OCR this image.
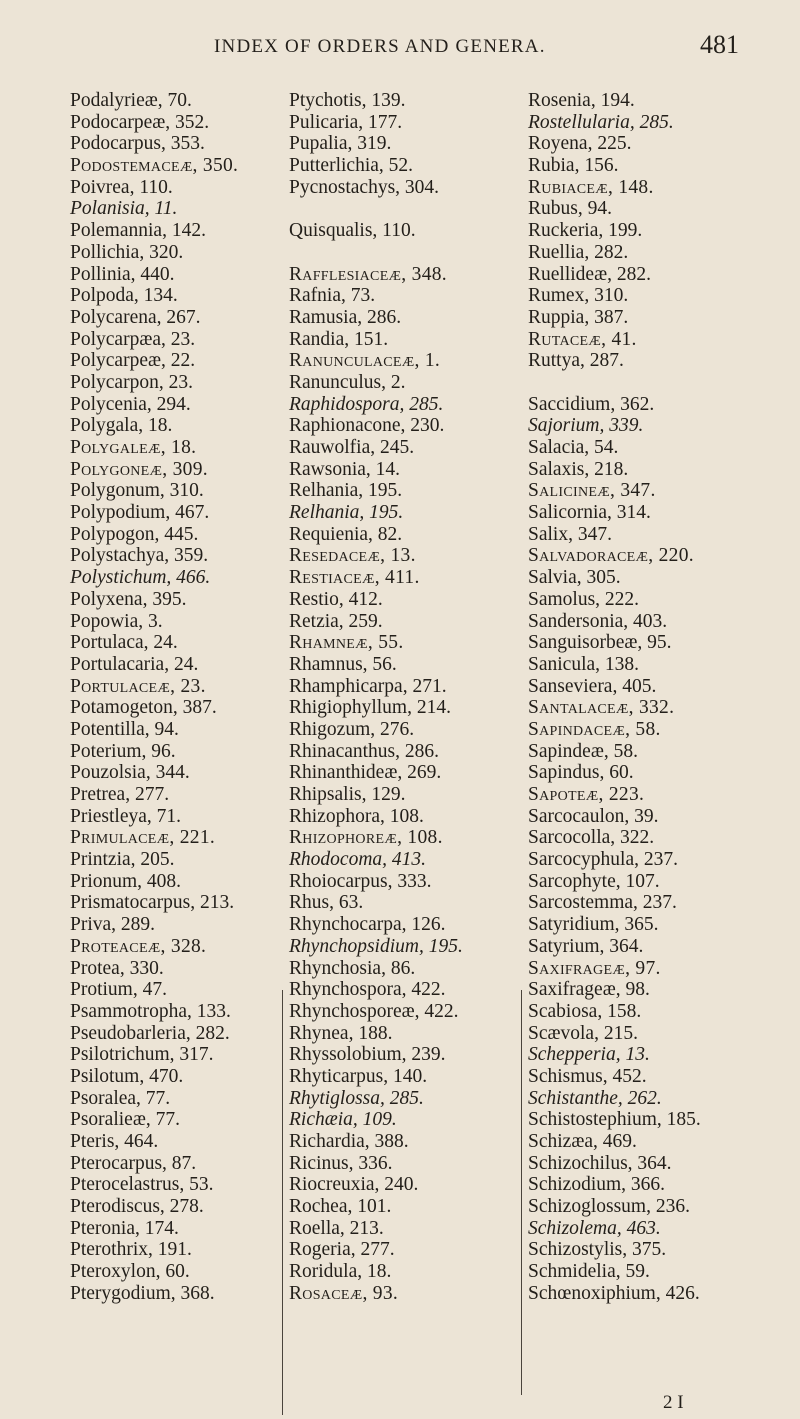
INDEX OF ORDERS AND GENERA.	481
Podalyrieæ, 70.
Podocarpeæ, 352.
Podocarpus, 353.
Podostemaceæ, 350.
Poivrea, 110.
Polanisia, 11.
Polemannia, 142.
Pollichia, 320.
Pollinia, 440.
Polpoda, 134.
Polycarena, 267.
Polycarpæa, 23.
Polycarpeæ, 22.
Polycarpon, 23.
Polycenia, 294.
Polygala, 18.
Polygaleæ, 18.
Polygoneæ, 309.
Polygonum, 310.
Polypodium, 467.
Polypogon, 445.
Polystachya, 359.
Polystichum, 466.
Polyxena, 395.
Popowia, 3.
Portulaca, 24.
Portulacaria, 24.
Portulaceæ, 23.
Potamogeton, 387.
Potentilla, 94.
Poterium, 96.
Pouzolsia, 344.
Pretrea, 277.
Priestleya, 71.
Primulaceæ, 221.
Printzia, 205.
Prionum, 408.
Prismatocarpus, 213.
Priva, 289.
Proteaceæ, 328.
Protea, 330.
Protium, 47.
Psammotropha, 133.
Pseudobarleria, 282.
Psilotrichum, 317.
Psilotum, 470.
Psoralea, 77.
Psoralieæ, 77.
Pteris, 464.
Pterocarpus, 87.
Pterocelastrus, 53.
Pterodiscus, 278.
Pteronia, 174.
Pterothrix, 191.
Pteroxylon, 60.
Pterygodium, 368.
Ptychotis, 139.
Pulicaria, 177.
Pupalia, 319.
Putterlichia, 52.
Pycnostachys, 304.
Quisqualis, 110.
Rafflesiaceæ, 348.
Rafnia, 73.
Ramusia, 286.
Randia, 151.
Ranunculaceæ, 1.
Ranunculus, 2.
Raphidospora, 285.
Raphionacone, 230.
Rauwolfia, 245.
Rawsonia, 14.
Relhania, 195.
Relhania, 195.
Requienia, 82.
Resedaceæ, 13.
Restiaceæ, 411.
Restio, 412.
Retzia, 259.
Rhamneæ, 55.
Rhamnus, 56.
Rhamphicarpa, 271.
Rhigiophyllum, 214.
Rhigozum, 276.
Rhinacanthus, 286.
Rhinanthideæ, 269.
Rhipsalis, 129.
Rhizophora, 108.
Rhizophoreæ, 108.
Rhodocoma, 413.
Rhoiocarpus, 333.
Rhus, 63.
Rhynchocarpa, 126.
Rhynchopsidium, 195.
Rhynchosia, 86.
Rhynchospora, 422.
Rhynchosporeæ, 422.
Rhynea, 188.
Rhyssolobium, 239.
Rhyticarpus, 140.
Rhytiglossa, 285.
Richæia, 109.
Richardia, 388.
Ricinus, 336.
Riocreuxia, 240.
Rochea, 101.
Roella, 213.
Rogeria, 277.
Roridula, 18.
Rosaceæ, 93.
Rosenia, 194.
Rostellularia, 285.
Royena, 225.
Rubia, 156.
Rubiaceæ, 148.
Rubus, 94.
Ruckeria, 199.
Ruellia, 282.
Ruellideæ, 282.
Rumex, 310.
Ruppia, 387.
Rutaceæ, 41.
Ruttya, 287.
Saccidium, 362.
Sajorium, 339.
Salacia, 54.
Salaxis, 218.
Salicineæ, 347.
Salicornia, 314.
Salix, 347.
Salvadoraceæ, 220.
Salvia, 305.
Samolus, 222.
Sandersonia, 403.
Sanguisorbeæ, 95.
Sanicula, 138.
Sanseviera, 405.
Santalaceæ, 332.
Sapindaceæ, 58.
Sapindeæ, 58.
Sapindus, 60.
Sapoteæ, 223.
Sarcocaulon, 39.
Sarcocolla, 322.
Sarcocyphula, 237.
Sarcophyte, 107.
Sarcostemma, 237.
Satyridium, 365.
Satyrium, 364.
Saxifrageæ, 97.
Saxifrageæ, 98.
Scabiosa, 158.
Scævola, 215.
Schepperia, 13.
Schismus, 452.
Schistanthe, 262.
Schistostephium, 185.
Schizæa, 469.
Schizochilus, 364.
Schizodium, 366.
Schizoglossum, 236.
Schizolema, 463.
Schizostylis, 375.
Schmidelia, 59.
Schœnoxiphium, 426.
2 I
